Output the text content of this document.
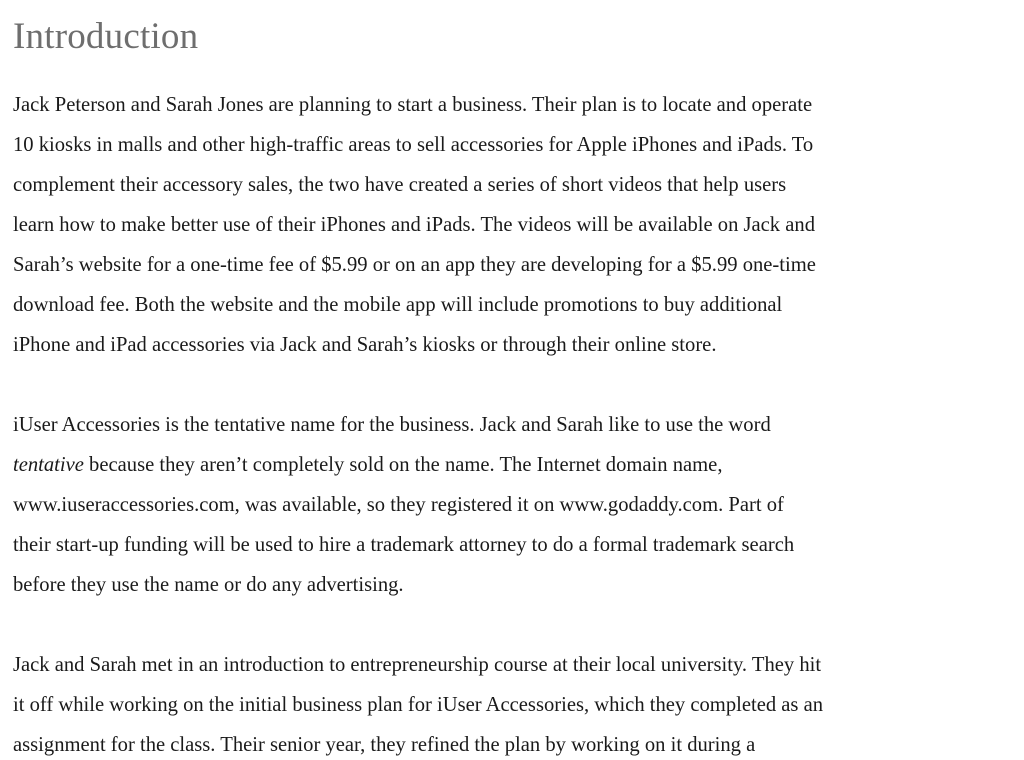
Introduction
Jack Peterson and Sarah Jones are planning to start a business. Their plan is to locate and operate
10 kiosks in malls and other high-traffic areas to sell accessories for Apple iPhones and iPads. To
complement their accessory sales, the two have created a series of short videos that help users
learn how to make better use of their iPhones and iPads. The videos will be available on Jack and
Sarah’s website for a one-time fee of $5.99 or on an app they are developing for a $5.99 one-time
download fee. Both the website and the mobile app will include promotions to buy additional
iPhone and iPad accessories via Jack and Sarah’s kiosks or through their online store.
iUser Accessories is the tentative name for the business. Jack and Sarah like to use the word
tentative because they aren’t completely sold on the name. The Internet domain name,
www.iuseraccessories.com, was available, so they registered it on www.godaddy.com. Part of
their start-up funding will be used to hire a trademark attorney to do a formal trademark search
before they use the name or do any advertising.
Jack and Sarah met in an introduction to entrepreneurship course at their local university. They hit
it off while working on the initial business plan for iUser Accessories, which they completed as an
assignment for the class. Their senior year, they refined the plan by working on it during a
